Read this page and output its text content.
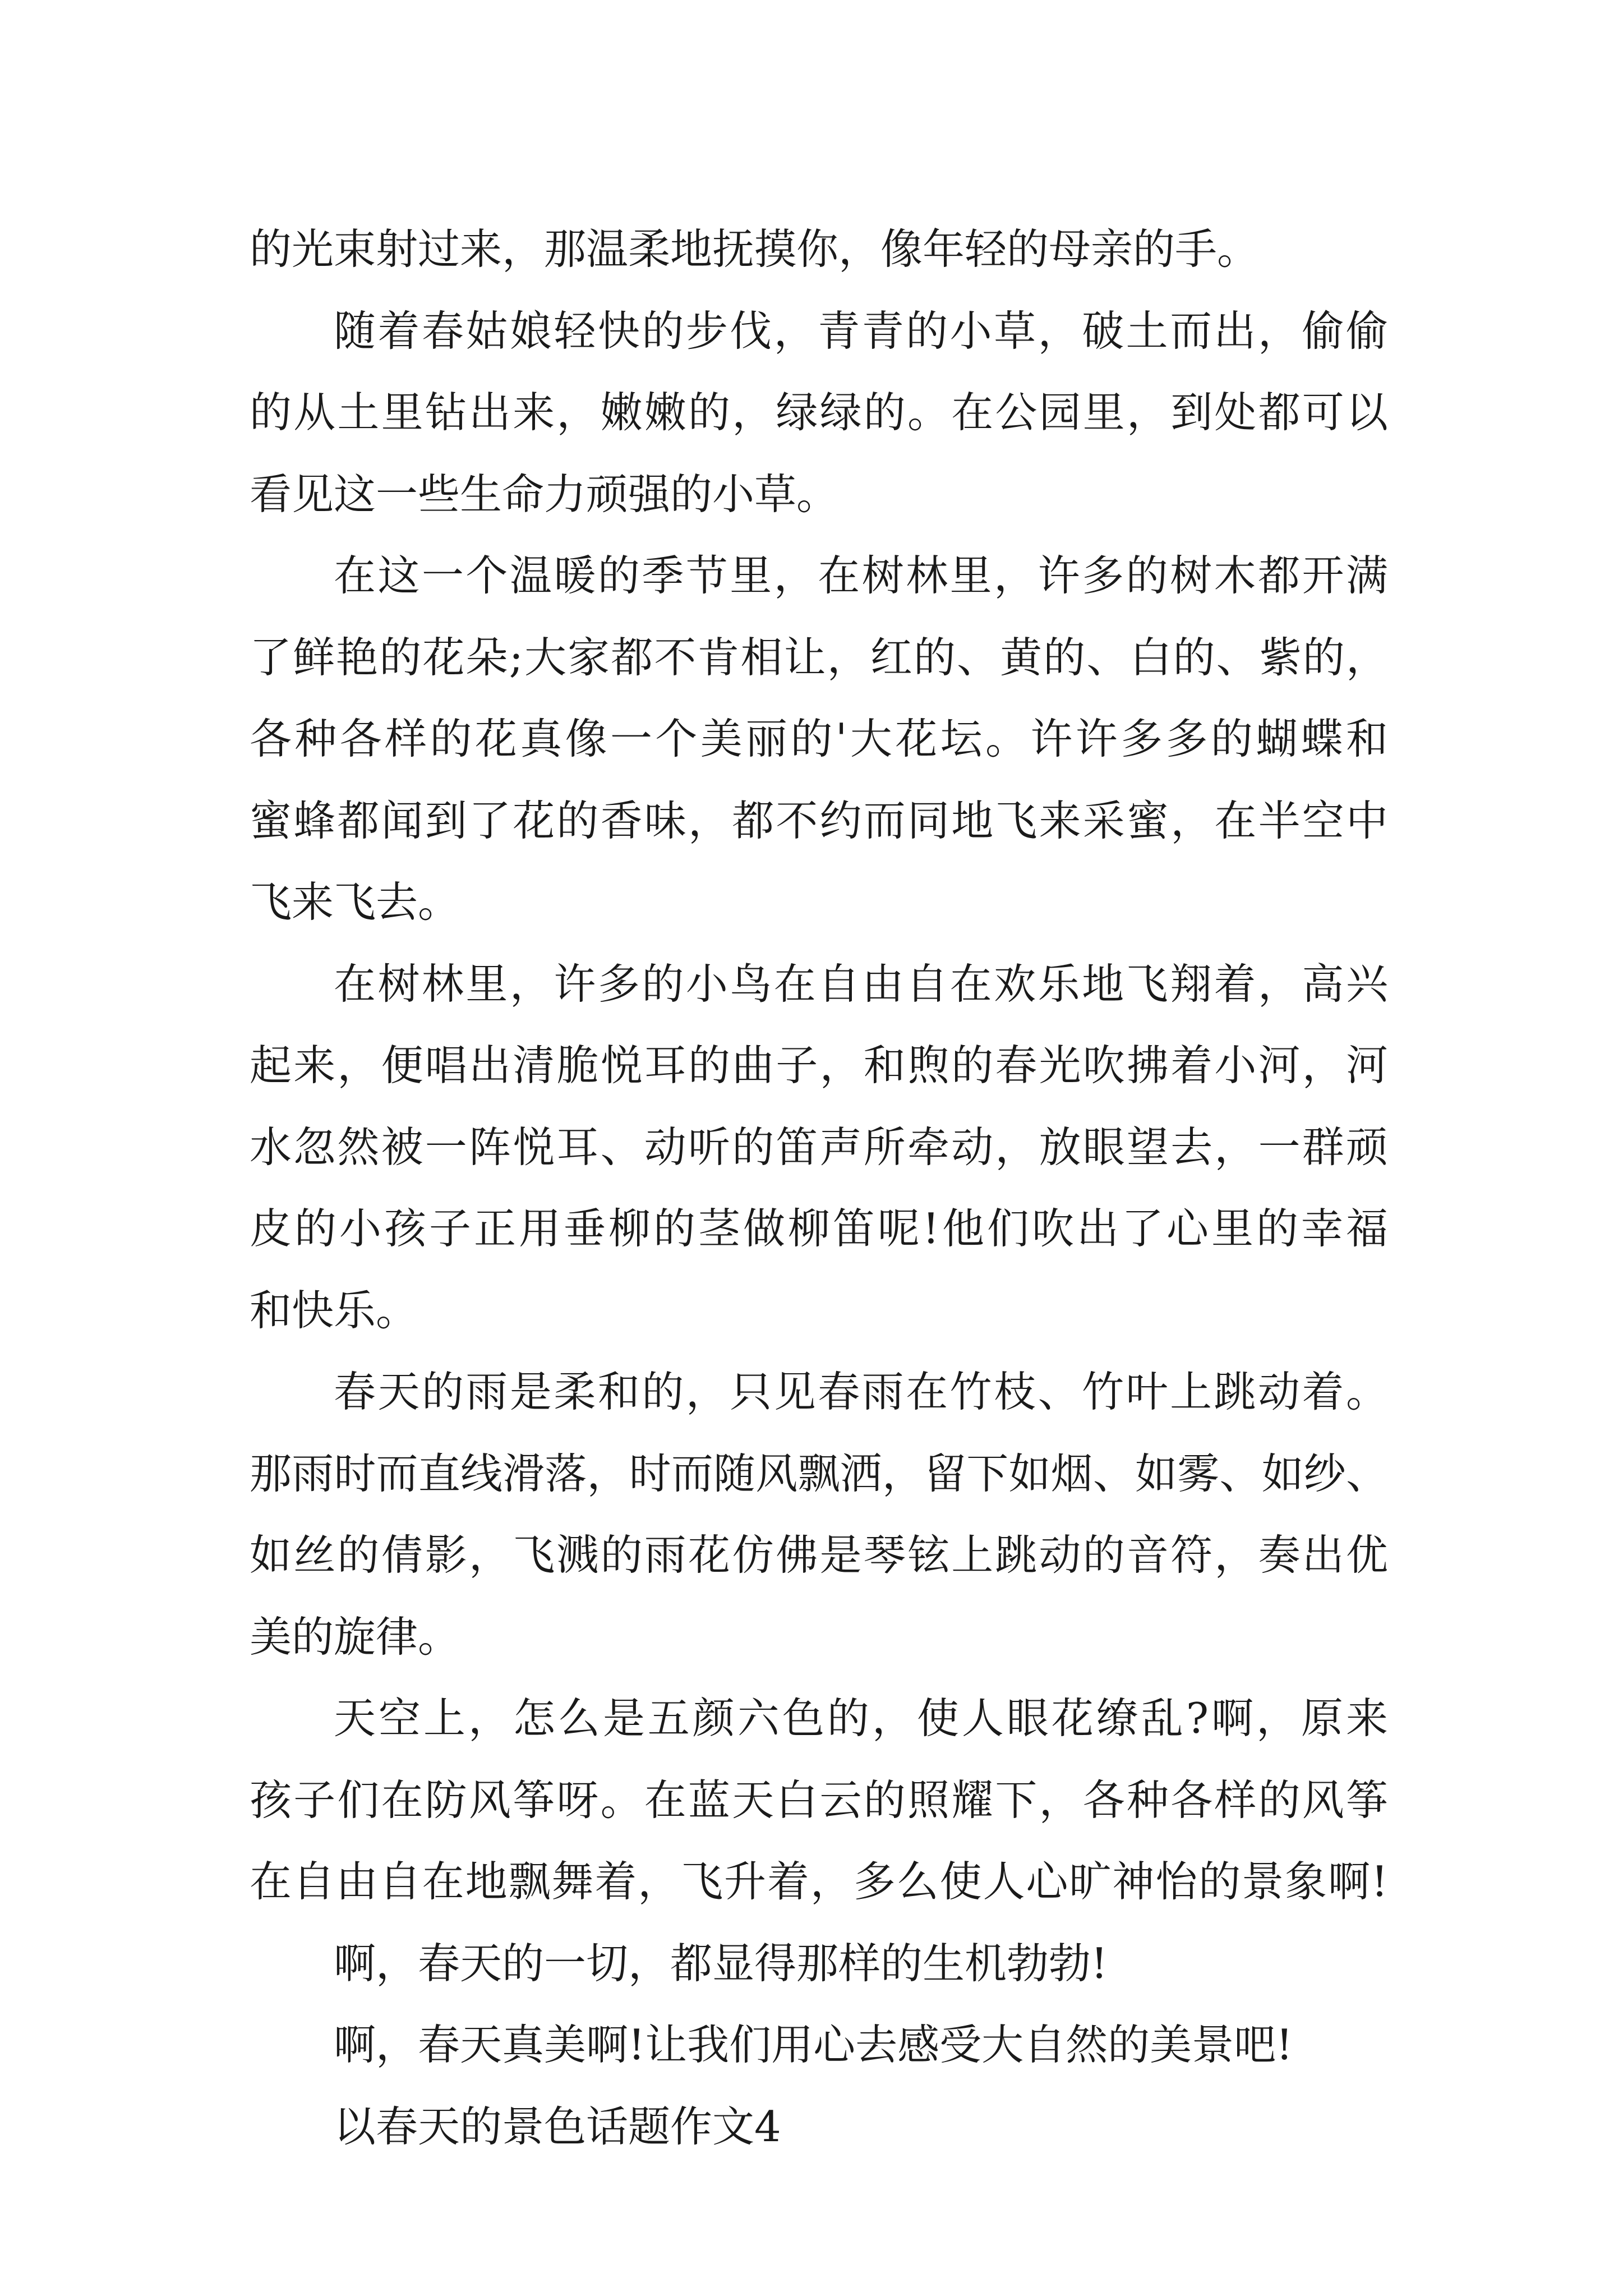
的光束射过来，那温柔地抚摸你，像年轻的母亲的手。
随着春姑娘轻快的步伐，青青的小草，破土而出，偷偷
的从土里钻出来，嫩嫩的，绿绿的。在公园里，到处都可以
看见这一些生命力顽强的小草。
在这一个温暖的季节里，在树林里，许多的树木都开满
了鲜艳的花朵;大家都不肯相让，红的、黄的、白的、紫的，
各种各样的花真像一个美丽的'大花坛。许许多多的蝴蝶和
蜜蜂都闻到了花的香味，都不约而同地飞来采蜜，在半空中
飞来飞去。
在树林里，许多的小鸟在自由自在欢乐地飞翔着，高兴
起来，便唱出清脆悦耳的曲子，和煦的春光吹拂着小河，河
水忽然被一阵悦耳、动听的笛声所牵动，放眼望去，一群顽
皮的小孩子正用垂柳的茎做柳笛呢!他们吹出了心里的幸福
和快乐。
春天的雨是柔和的，只见春雨在竹枝、竹叶上跳动着。
那雨时而直线滑落，时而随风飘洒，留下如烟、如雾、如纱、
如丝的倩影，飞溅的雨花仿佛是琴铉上跳动的音符，奏出优
美的旋律。
天空上，怎么是五颜六色的，使人眼花缭乱?啊，原来
孩子们在防风筝呀。在蓝天白云的照耀下，各种各样的风筝
在自由自在地飘舞着，飞升着，多么使人心旷神怡的景象啊!
啊，春天的一切，都显得那样的生机勃勃!
啊，春天真美啊!让我们用心去感受大自然的美景吧!
以春天的景色话题作文4
